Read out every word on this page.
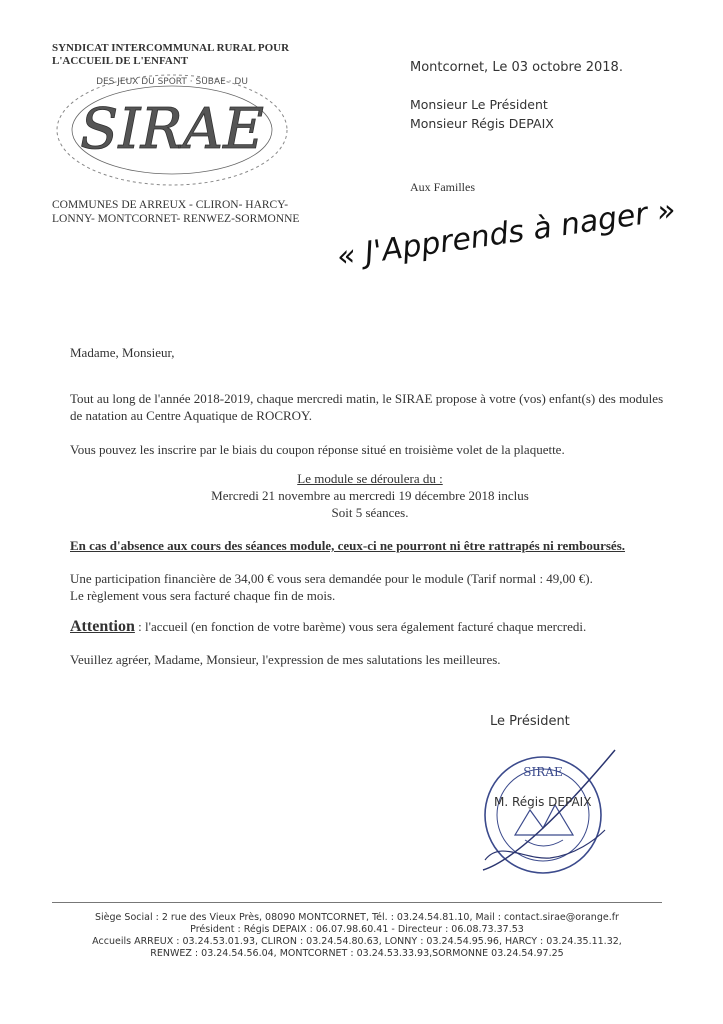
SYNDICAT INTERCOMMUNAL RURAL POUR
L'ACCUEIL DE L'ENFANT
SIRAE
DES JEUX DU SPORT · SUBAE · DU
COMMUNES DE ARREUX - CLIRON- HARCY-
LONNY- MONTCORNET- RENWEZ-SORMONNE
Montcornet, Le 03 octobre 2018.
Monsieur Le Président
Monsieur Régis DEPAIX
Aux Familles
« J'Apprends à nager »
Madame, Monsieur,
Tout au long de l'année 2018-2019, chaque mercredi matin, le SIRAE propose à votre (vos) enfant(s) des modules de natation au Centre Aquatique de ROCROY.
Vous pouvez les inscrire par le biais du coupon réponse situé en troisième volet de la plaquette.
Le module se déroulera du :
Mercredi 21 novembre au mercredi 19 décembre 2018 inclus
Soit 5 séances.
En cas d'absence aux cours des séances module, ceux-ci ne pourront ni être rattrapés ni remboursés.
Une participation financière de 34,00 € vous sera demandée pour le module (Tarif normal : 49,00 €).
Le règlement vous sera facturé chaque fin de mois.
Attention : l'accueil (en fonction de votre barème) vous sera également facturé chaque mercredi.
Veuillez agréer, Madame, Monsieur, l'expression de mes salutations les meilleures.
Le Président
SIRAE
M. Régis DEPAIX
Siège Social : 2 rue des Vieux Près, 08090 MONTCORNET, Tél. : 03.24.54.81.10, Mail : contact.sirae@orange.fr
Président : Régis DEPAIX : 06.07.98.60.41 - Directeur : 06.08.73.37.53
Accueils ARREUX : 03.24.53.01.93, CLIRON : 03.24.54.80.63, LONNY : 03.24.54.95.96, HARCY : 03.24.35.11.32,
RENWEZ : 03.24.54.56.04, MONTCORNET : 03.24.53.33.93,SORMONNE 03.24.54.97.25
